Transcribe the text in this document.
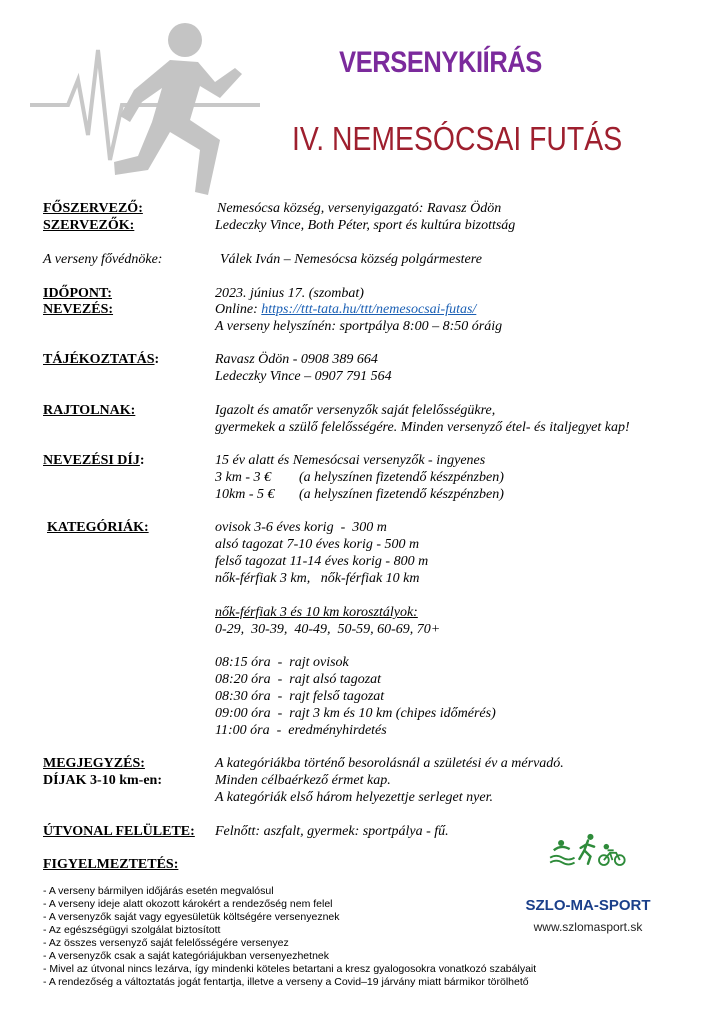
VERSENYKIÍRÁS
IV. NEMESÓCSAI FUTÁS
FŐSZERVEZŐ:	Nemesócsa község, versenyigazgató: Ravasz Ödön
SZERVEZŐK:	Ledeczky Vince, Both Péter, sport és kultúra bizottság
A verseny fővédnöke:	Válek Iván – Nemesócsa község polgármestere
IDŐPONT:	2023. június 17. (szombat)
NEVEZÉS:	Online: https://ttt-tata.hu/ttt/nemesocsai-futas/
A verseny helyszínén: sportpálya 8:00 – 8:50 óráig
TÁJÉKOZTATÁS:	Ravasz Ödön - 0908 389 664
Ledeczky Vince – 0907 791 564
RAJTOLNAK:	Igazolt és amatőr versenyzők saját felelősségükre,
gyermekek a szülő felelősségére. Minden versenyző étel- és italjegyet kap!
NEVEZÉSI DÍJ:	15 év alatt és Nemesócsai versenyzők - ingyenes
3 km - 3 €        (a helyszínen fizetendő készpénzben)
10km - 5 €       (a helyszínen fizetendő készpénzben)
KATEGÓRIÁK:	ovisok 3-6 éves korig  -  300 m
alsó tagozat 7-10 éves korig - 500 m
felső tagozat 11-14 éves korig - 800 m
nők-férfiak 3 km,   nők-férfiak 10 km
nők-férfiak 3 és 10 km korosztályok:
0-29,  30-39,  40-49,  50-59, 60-69, 70+
08:15 óra  -  rajt ovisok
08:20 óra  -  rajt alsó tagozat
08:30 óra  -  rajt felső tagozat
09:00 óra  -  rajt 3 km és 10 km (chipes időmérés)
11:00 óra  -  eredményhirdetés
MEGJEGYZÉS:	A kategóriákba történő besorolásnál a születési év a mérvadó.
DÍJAK 3-10 km-en:	Minden célbaérkező érmet kap.
A kategóriák első három helyezettje serleget nyer.
ÚTVONAL FELÜLETE: Felnőtt: aszfalt, gyermek: sportpálya - fű.
FIGYELMEZTETÉS:
- A verseny bármilyen időjárás esetén megvalósul
- A verseny ideje alatt okozott károkért a rendezőség nem felel
- A versenyzők saját vagy egyesületük költségére versenyeznek
- Az egészségügyi szolgálat biztosított
- Az összes versenyző saját felelősségére versenyez
- A versenyzők csak a saját kategóriájukban versenyezhetnek
- Mivel az útvonal nincs lezárva, így mindenki köteles betartani a kresz gyalogosokra vonatkozó szabályait
- A rendezőség a változtatás jogát fentartja, illetve a verseny a Covid–19 járvány miatt bármikor törölhető
SZLO-MA-SPORT
www.szlomasport.sk
